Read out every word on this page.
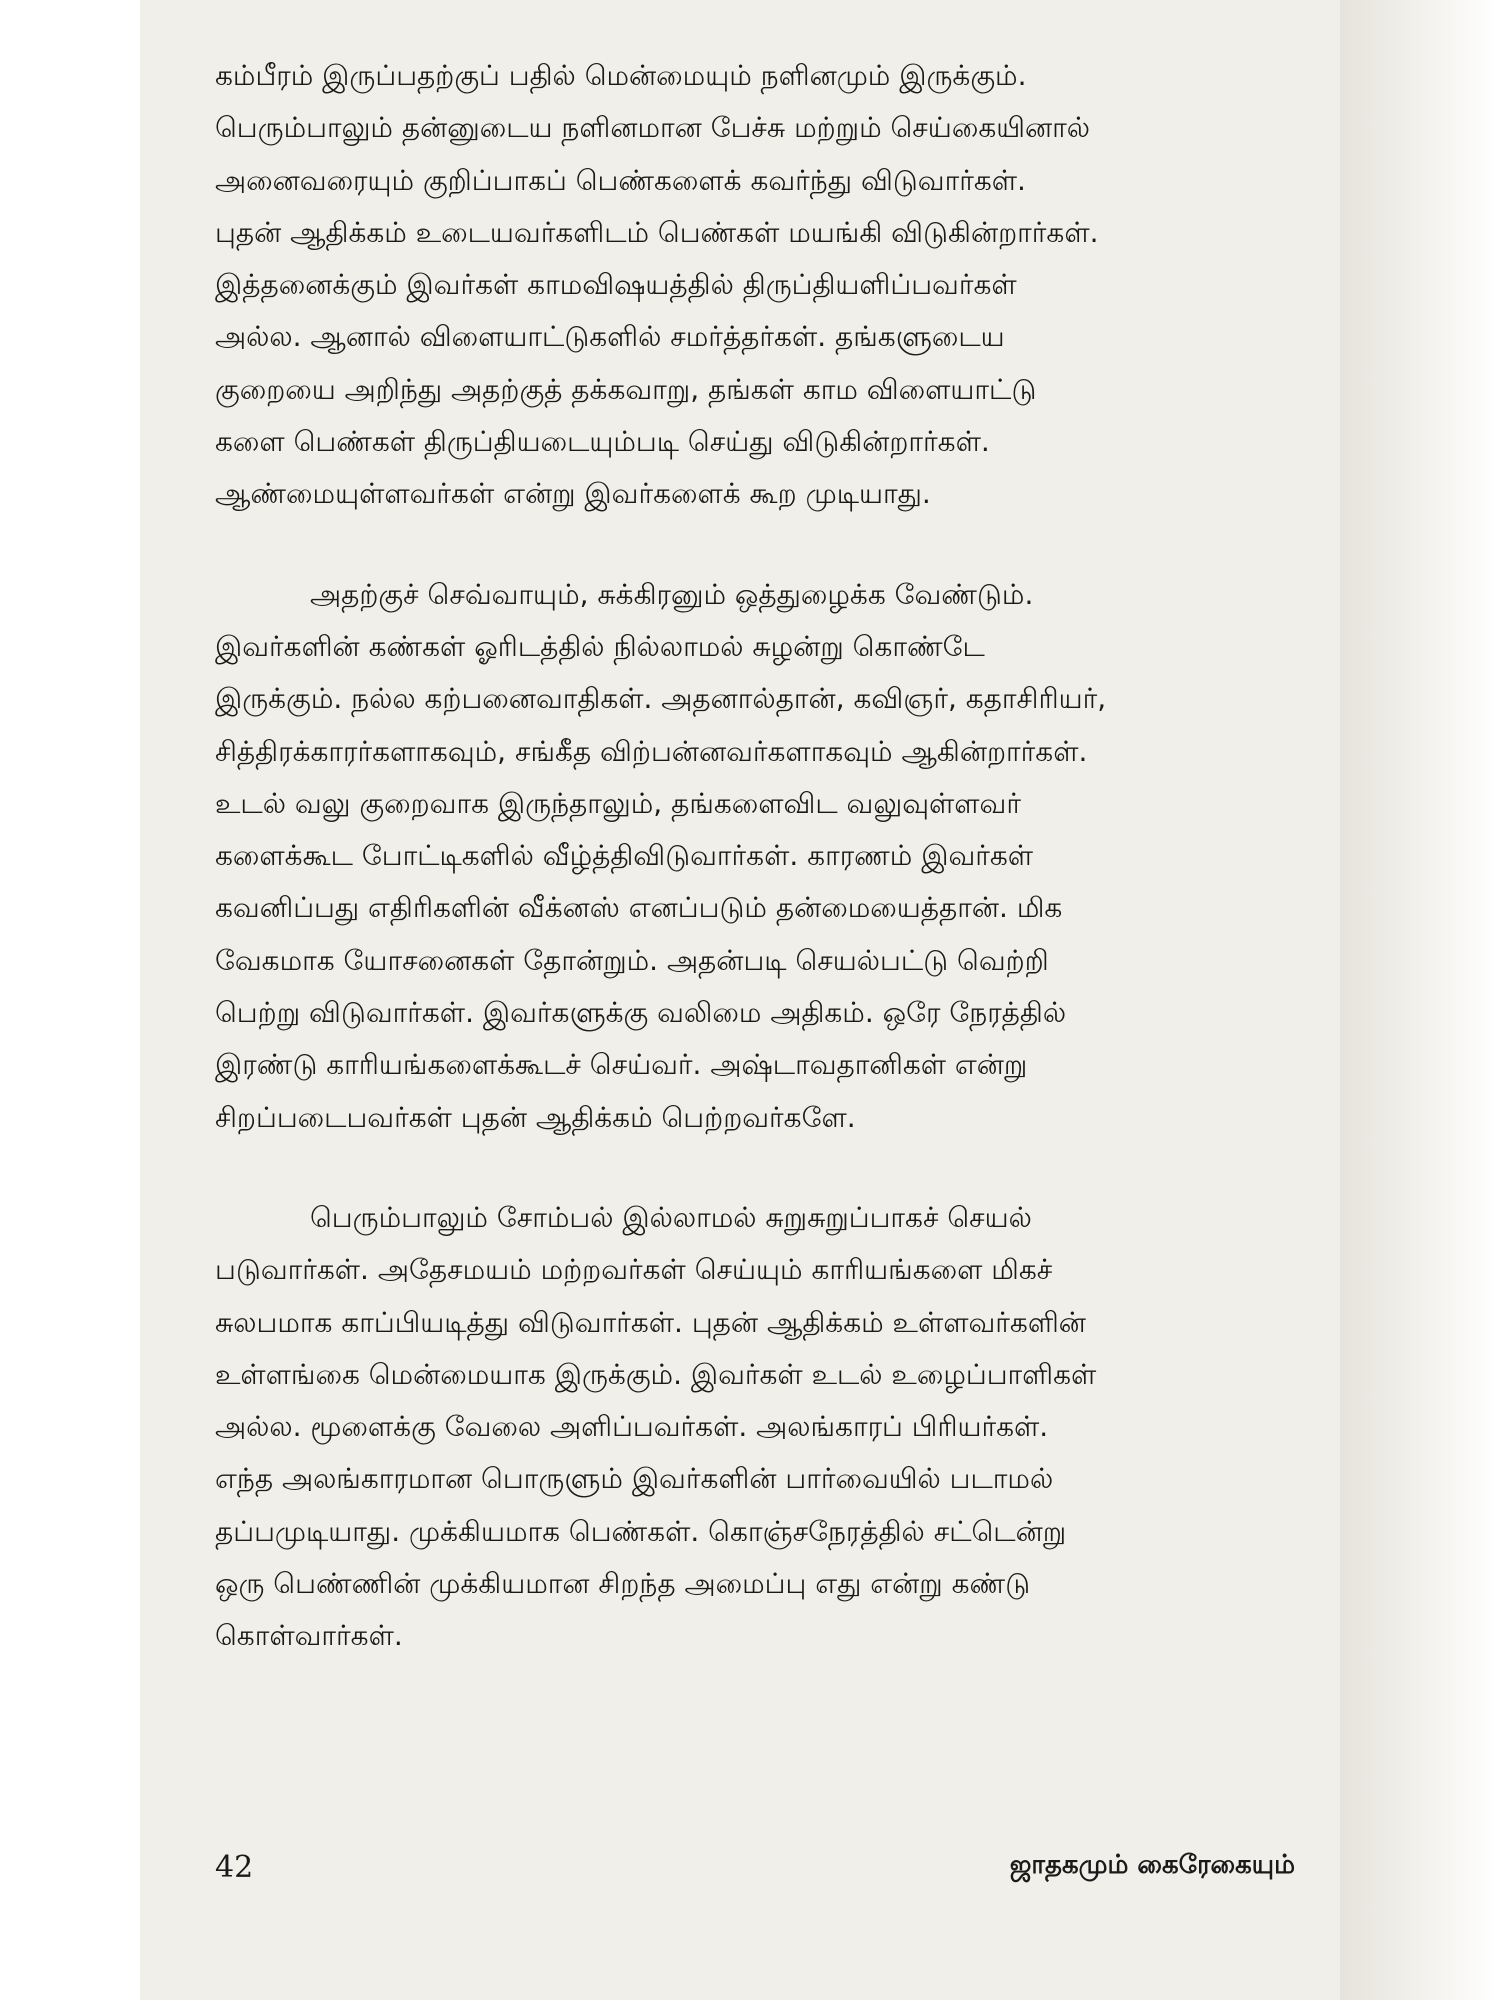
கம்பீரம் இருப்பதற்குப் பதில் மென்மையும் நளினமும் இருக்கும்.
பெரும்பாலும் தன்னுடைய நளினமான பேச்சு மற்றும் செய்கையினால்
அனைவரையும் குறிப்பாகப் பெண்களைக் கவர்ந்து விடுவார்கள்.
புதன் ஆதிக்கம் உடையவர்களிடம் பெண்கள் மயங்கி விடுகின்றார்கள்.
இத்தனைக்கும் இவர்கள் காமவிஷயத்தில் திருப்தியளிப்பவர்கள்
அல்ல. ஆனால் விளையாட்டுகளில் சமர்த்தர்கள். தங்களுடைய
குறையை அறிந்து அதற்குத் தக்கவாறு, தங்கள் காம விளையாட்டு
களை பெண்கள் திருப்தியடையும்படி செய்து விடுகின்றார்கள்.
ஆண்மையுள்ளவர்கள் என்று இவர்களைக் கூற முடியாது.
அதற்குச் செவ்வாயும், சுக்கிரனும் ஒத்துழைக்க வேண்டும்.
இவர்களின் கண்கள் ஓரிடத்தில் நில்லாமல் சுழன்று கொண்டே
இருக்கும். நல்ல கற்பனைவாதிகள். அதனால்தான், கவிஞர், கதாசிரியர்,
சித்திரக்காரர்களாகவும், சங்கீத விற்பன்னவர்களாகவும் ஆகின்றார்கள்.
உடல் வலு குறைவாக இருந்தாலும், தங்களைவிட வலுவுள்ளவர்
களைக்கூட போட்டிகளில் வீழ்த்திவிடுவார்கள். காரணம் இவர்கள்
கவனிப்பது எதிரிகளின் வீக்னஸ் எனப்படும் தன்மையைத்தான். மிக
வேகமாக யோசனைகள் தோன்றும். அதன்படி செயல்பட்டு வெற்றி
பெற்று விடுவார்கள். இவர்களுக்கு வலிமை அதிகம். ஒரே நேரத்தில்
இரண்டு காரியங்களைக்கூடச் செய்வர். அஷ்டாவதானிகள் என்று
சிறப்படைபவர்கள் புதன் ஆதிக்கம் பெற்றவர்களே.
பெரும்பாலும் சோம்பல் இல்லாமல் சுறுசுறுப்பாகச் செயல்
படுவார்கள். அதேசமயம் மற்றவர்கள் செய்யும் காரியங்களை மிகச்
சுலபமாக காப்பியடித்து விடுவார்கள். புதன் ஆதிக்கம் உள்ளவர்களின்
உள்ளங்கை மென்மையாக இருக்கும். இவர்கள் உடல் உழைப்பாளிகள்
அல்ல. மூளைக்கு வேலை அளிப்பவர்கள். அலங்காரப் பிரியர்கள்.
எந்த அலங்காரமான பொருளும் இவர்களின் பார்வையில் படாமல்
தப்பமுடியாது. முக்கியமாக பெண்கள். கொஞ்சநேரத்தில் சட்டென்று
ஒரு பெண்ணின் முக்கியமான சிறந்த அமைப்பு எது என்று கண்டு
கொள்வார்கள்.
42	ஜாதகமும் கைரேகையும்
